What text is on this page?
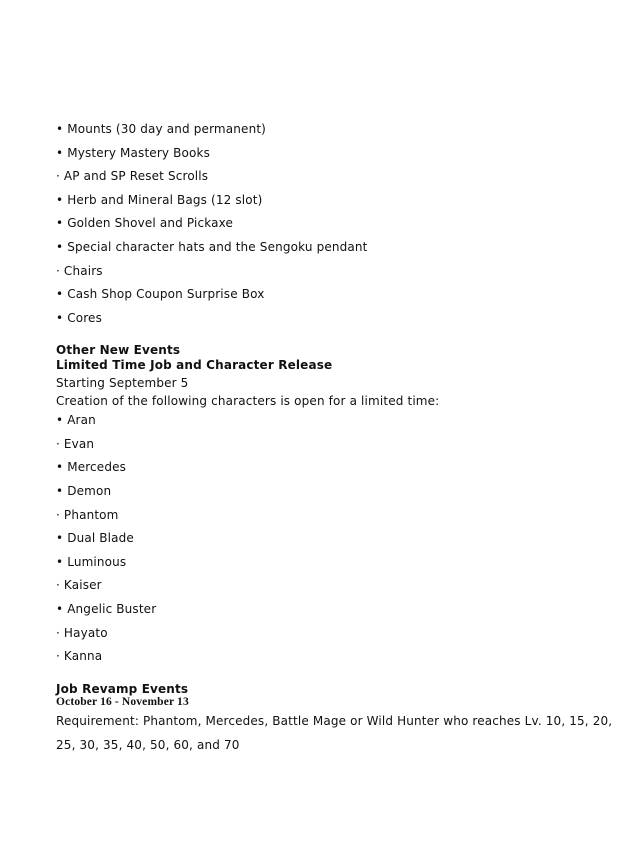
• Mounts (30 day and permanent)
• Mystery Mastery Books
· AP and SP Reset Scrolls
• Herb and Mineral Bags (12 slot)
• Golden Shovel and Pickaxe
• Special character hats and the Sengoku pendant
· Chairs
• Cash Shop Coupon Surprise Box
• Cores
Other New Events
Limited Time Job and Character Release
Starting September 5
Creation of the following characters is open for a limited time:
• Aran
· Evan
• Mercedes
• Demon
· Phantom
• Dual Blade
• Luminous
· Kaiser
• Angelic Buster
· Hayato
· Kanna
Job Revamp Events
October 16 - November 13
Requirement: Phantom, Mercedes, Battle Mage or Wild Hunter who reaches Lv. 10, 15, 20,
25, 30, 35, 40, 50, 60, and 70
